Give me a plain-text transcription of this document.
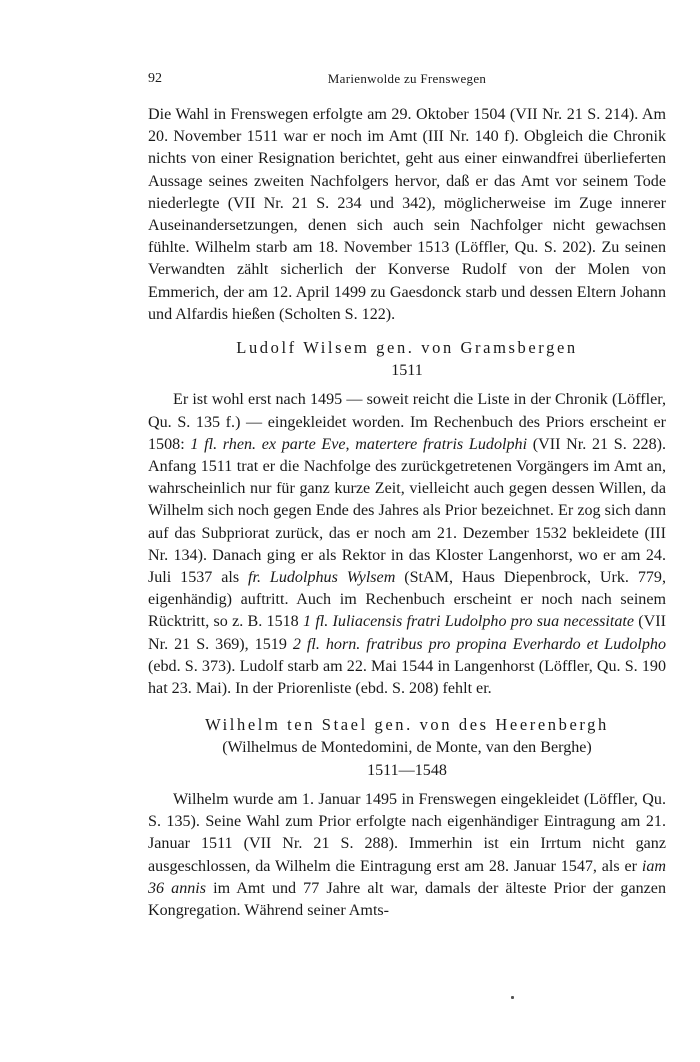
92	Marienwolde zu Frenswegen

Die Wahl in Frenswegen erfolgte am 29. Oktober 1504 (VII Nr. 21 S. 214). Am 20. November 1511 war er noch im Amt (III Nr. 140 f). Obgleich die Chronik nichts von einer Resignation berichtet, geht aus einer einwandfrei überlieferten Aussage seines zweiten Nachfolgers hervor, daß er das Amt vor seinem Tode niederlegte (VII Nr. 21 S. 234 und 342), möglicherweise im Zuge innerer Auseinandersetzungen, denen sich auch sein Nachfolger nicht gewachsen fühlte. Wilhelm starb am 18. November 1513 (Löffler, Qu. S. 202). Zu seinen Verwandten zählt sicherlich der Konverse Rudolf von der Molen von Emmerich, der am 12. April 1499 zu Gaesdonck starb und dessen Eltern Johann und Alfardis hießen (Scholten S. 122).

Ludolf Wilsem gen. von Gramsbergen
1511

Er ist wohl erst nach 1495 — soweit reicht die Liste in der Chronik (Löffler, Qu. S. 135 f.) — eingekleidet worden. Im Rechenbuch des Priors erscheint er 1508: 1 fl. rhen. ex parte Eve, matertere fratris Ludolphi (VII Nr. 21 S. 228). Anfang 1511 trat er die Nachfolge des zurückgetretenen Vorgängers im Amt an, wahrscheinlich nur für ganz kurze Zeit, vielleicht auch gegen dessen Willen, da Wilhelm sich noch gegen Ende des Jahres als Prior bezeichnet. Er zog sich dann auf das Subpriorat zurück, das er noch am 21. Dezember 1532 bekleidete (III Nr. 134). Danach ging er als Rektor in das Kloster Langenhorst, wo er am 24. Juli 1537 als fr. Ludolphus Wylsem (StAM, Haus Diepenbrock, Urk. 779, eigenhändig) auftritt. Auch im Rechenbuch erscheint er noch nach seinem Rücktritt, so z. B. 1518 1 fl. Iuliacensis fratri Ludolpho pro sua necessitate (VII Nr. 21 S. 369), 1519 2 fl. horn. fratribus pro propina Everhardo et Ludolpho (ebd. S. 373). Ludolf starb am 22. Mai 1544 in Langenhorst (Löffler, Qu. S. 190 hat 23. Mai). In der Priorenliste (ebd. S. 208) fehlt er.

Wilhelm ten Stael gen. von des Heerenbergh
(Wilhelmus de Montedomini, de Monte, van den Berghe)
1511—1548

Wilhelm wurde am 1. Januar 1495 in Frenswegen eingekleidet (Löffler, Qu. S. 135). Seine Wahl zum Prior erfolgte nach eigenhändiger Eintragung am 21. Januar 1511 (VII Nr. 21 S. 288). Immerhin ist ein Irrtum nicht ganz ausgeschlossen, da Wilhelm die Eintragung erst am 28. Januar 1547, als er iam 36 annis im Amt und 77 Jahre alt war, damals der älteste Prior der ganzen Kongregation. Während seiner Amts-
